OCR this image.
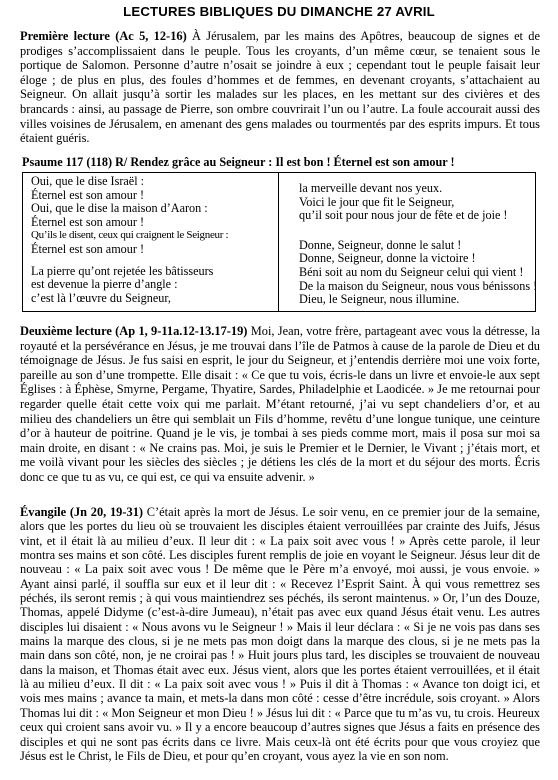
LECTURES BIBLIQUES DU DIMANCHE 27 AVRIL

Première lecture (Ac 5, 12-16) À Jérusalem, par les mains des Apôtres, beaucoup de signes et de prodiges s’accomplissaient dans le peuple. Tous les croyants, d’un même cœur, se tenaient sous le portique de Salomon. Personne d’autre n’osait se joindre à eux ; cependant tout le peuple faisait leur éloge ; de plus en plus, des foules d’hommes et de femmes, en devenant croyants, s’attachaient au Seigneur. On allait jusqu’à sortir les malades sur les places, en les mettant sur des civières et des brancards : ainsi, au passage de Pierre, son ombre couvrirait l’un ou l’autre. La foule accourait aussi des villes voisines de Jérusalem, en amenant des gens malades ou tourmentés par des esprits impurs. Et tous étaient guéris.

Psaume 117 (118) R/ Rendez grâce au Seigneur : Il est bon ! Éternel est son amour !
Oui, que le dise Israël :
Éternel est son amour !
Oui, que le dise la maison d’Aaron :
Éternel est son amour !
Qu’ils le disent, ceux qui craignent le Seigneur :
Éternel est son amour !
La pierre qu’ont rejetée les bâtisseurs
est devenue la pierre d’angle :
c’est là l’œuvre du Seigneur,
la merveille devant nos yeux.
Voici le jour que fit le Seigneur,
qu’il soit pour nous jour de fête et de joie !
Donne, Seigneur, donne le salut !
Donne, Seigneur, donne la victoire !
Béni soit au nom du Seigneur celui qui vient !
De la maison du Seigneur, nous vous bénissons !
Dieu, le Seigneur, nous illumine.

Deuxième lecture (Ap 1, 9-11a.12-13.17-19) Moi, Jean, votre frère, partageant avec vous la détresse, la royauté et la persévérance en Jésus, je me trouvai dans l’île de Patmos à cause de la parole de Dieu et du témoignage de Jésus. Je fus saisi en esprit, le jour du Seigneur, et j’entendis derrière moi une voix forte, pareille au son d’une trompette. Elle disait : « Ce que tu vois, écris-le dans un livre et envoie-le aux sept Églises : à Éphèse, Smyrne, Pergame, Thyatire, Sardes, Philadelphie et Laodicée. » Je me retournai pour regarder quelle était cette voix qui me parlait. M’étant retourné, j’ai vu sept chandeliers d’or, et au milieu des chandeliers un être qui semblait un Fils d’homme, revêtu d’une longue tunique, une ceinture d’or à hauteur de poitrine. Quand je le vis, je tombai à ses pieds comme mort, mais il posa sur moi sa main droite, en disant : « Ne crains pas. Moi, je suis le Premier et le Dernier, le Vivant ; j’étais mort, et me voilà vivant pour les siècles des siècles ; je détiens les clés de la mort et du séjour des morts. Écris donc ce que tu as vu, ce qui est, ce qui va ensuite advenir. »

Évangile (Jn 20, 19-31) C’était après la mort de Jésus. Le soir venu, en ce premier jour de la semaine, alors que les portes du lieu où se trouvaient les disciples étaient verrouillées par crainte des Juifs, Jésus vint, et il était là au milieu d’eux. Il leur dit : « La paix soit avec vous ! » Après cette parole, il leur montra ses mains et son côté. Les disciples furent remplis de joie en voyant le Seigneur. Jésus leur dit de nouveau : « La paix soit avec vous ! De même que le Père m’a envoyé, moi aussi, je vous envoie. » Ayant ainsi parlé, il souffla sur eux et il leur dit : « Recevez l’Esprit Saint. À qui vous remettrez ses péchés, ils seront remis ; à qui vous maintiendrez ses péchés, ils seront maintenus. » Or, l’un des Douze, Thomas, appelé Didyme (c’est-à-dire Jumeau), n’était pas avec eux quand Jésus était venu. Les autres disciples lui disaient : « Nous avons vu le Seigneur ! » Mais il leur déclara : « Si je ne vois pas dans ses mains la marque des clous, si je ne mets pas mon doigt dans la marque des clous, si je ne mets pas la main dans son côté, non, je ne croirai pas ! » Huit jours plus tard, les disciples se trouvaient de nouveau dans la maison, et Thomas était avec eux. Jésus vient, alors que les portes étaient verrouillées, et il était là au milieu d’eux. Il dit : « La paix soit avec vous ! » Puis il dit à Thomas : « Avance ton doigt ici, et vois mes mains ; avance ta main, et mets-la dans mon côté : cesse d’être incrédule, sois croyant. » Alors Thomas lui dit : « Mon Seigneur et mon Dieu ! » Jésus lui dit : « Parce que tu m’as vu, tu crois. Heureux ceux qui croient sans avoir vu. » Il y a encore beaucoup d’autres signes que Jésus a faits en présence des disciples et qui ne sont pas écrits dans ce livre. Mais ceux-là ont été écrits pour que vous croyiez que Jésus est le Christ, le Fils de Dieu, et pour qu’en croyant, vous ayez la vie en son nom.
